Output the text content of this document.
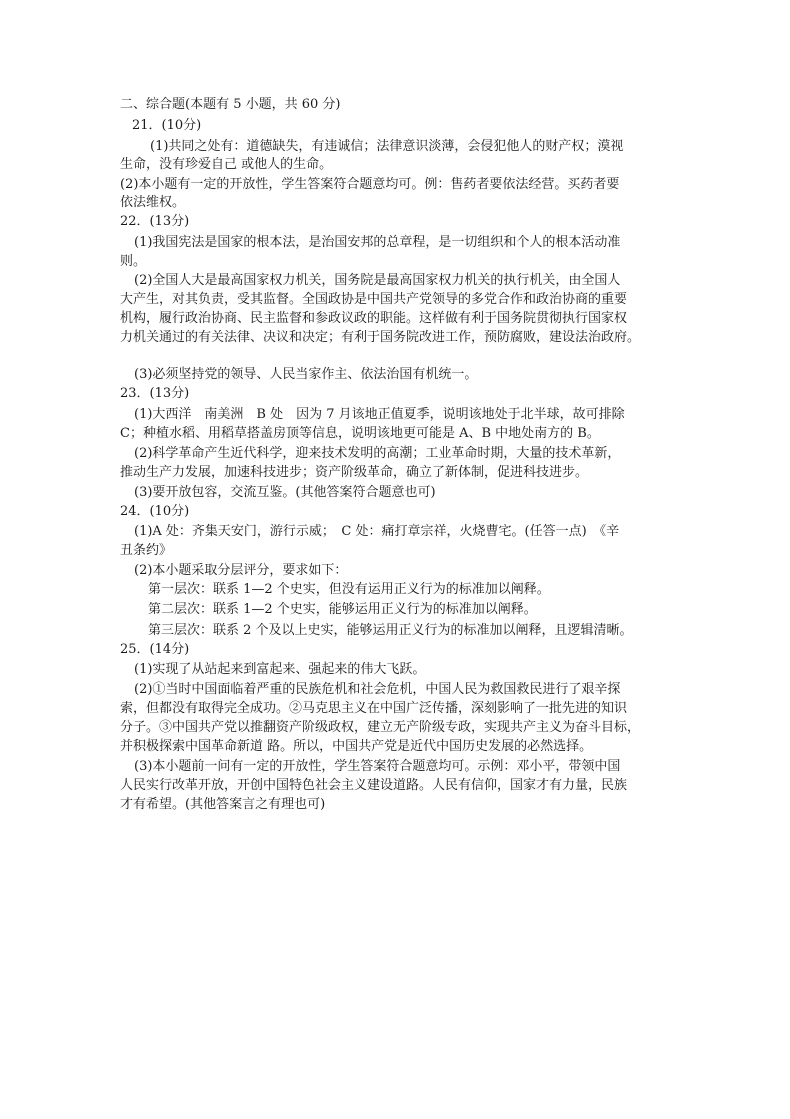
二、综合题(本题有 5 小题，共 60 分)
21．(10分)
(1)共同之处有：道德缺失，有违诚信；法律意识淡薄，会侵犯他人的财产权；漠视
生命，没有珍爱自己 或他人的生命。
(2)本小题有一定的开放性，学生答案符合题意均可。例：售药者要依法经营。买药者要
依法维权。
22．(13分)
(1)我国宪法是国家的根本法，是治国安邦的总章程，是一切组织和个人的根本活动准
则。
(2)全国人大是最高国家权力机关，国务院是最高国家权力机关的执行机关，由全国人
大产生，对其负责，受其监督。全国政协是中国共产党领导的多党合作和政治协商的重要
机构，履行政治协商、民主监督和参政议政的职能。这样做有利于国务院贯彻执行国家权
力机关通过的有关法律、决议和决定；有利于国务院改进工作，预防腐败，建设法治政府。
(3)必须坚持党的领导、人民当家作主、依法治国有机统一。
23．(13分)
(1)大西洋　南美洲　B 处　因为 7 月该地正值夏季，说明该地处于北半球，故可排除
C；种植水稻、用稻草搭盖房顶等信息，说明该地更可能是 A、B 中地处南方的 B。
(2)科学革命产生近代科学，迎来技术发明的高潮；工业革命时期，大量的技术革新，
推动生产力发展，加速科技进步；资产阶级革命，确立了新体制，促进科技进步。
(3)要开放包容，交流互鉴。(其他答案符合题意也可)
24．(10分)
(1)A 处：齐集天安门，游行示威；　C 处：痛打章宗祥，火烧曹宅。(任答一点)　《辛
丑条约》
(2)本小题采取分层评分，要求如下：
第一层次：联系 1—2 个史实，但没有运用正义行为的标准加以阐释。
第二层次：联系 1—2 个史实，能够运用正义行为的标准加以阐释。
第三层次：联系 2 个及以上史实，能够运用正义行为的标准加以阐释，且逻辑清晰。
25．(14分)
(1)实现了从站起来到富起来、强起来的伟大飞跃。
(2)①当时中国面临着严重的民族危机和社会危机，中国人民为救国救民进行了艰辛探
索，但都没有取得完全成功。②马克思主义在中国广泛传播，深刻影响了一批先进的知识
分子。③中国共产党以推翻资产阶级政权，建立无产阶级专政，实现共产主义为奋斗目标，
并积极探索中国革命新道 路。所以，中国共产党是近代中国历史发展的必然选择。
(3)本小题前一问有一定的开放性，学生答案符合题意均可。示例：邓小平，带领中国
人民实行改革开放，开创中国特色社会主义建设道路。人民有信仰，国家才有力量，民族
才有希望。(其他答案言之有理也可)
